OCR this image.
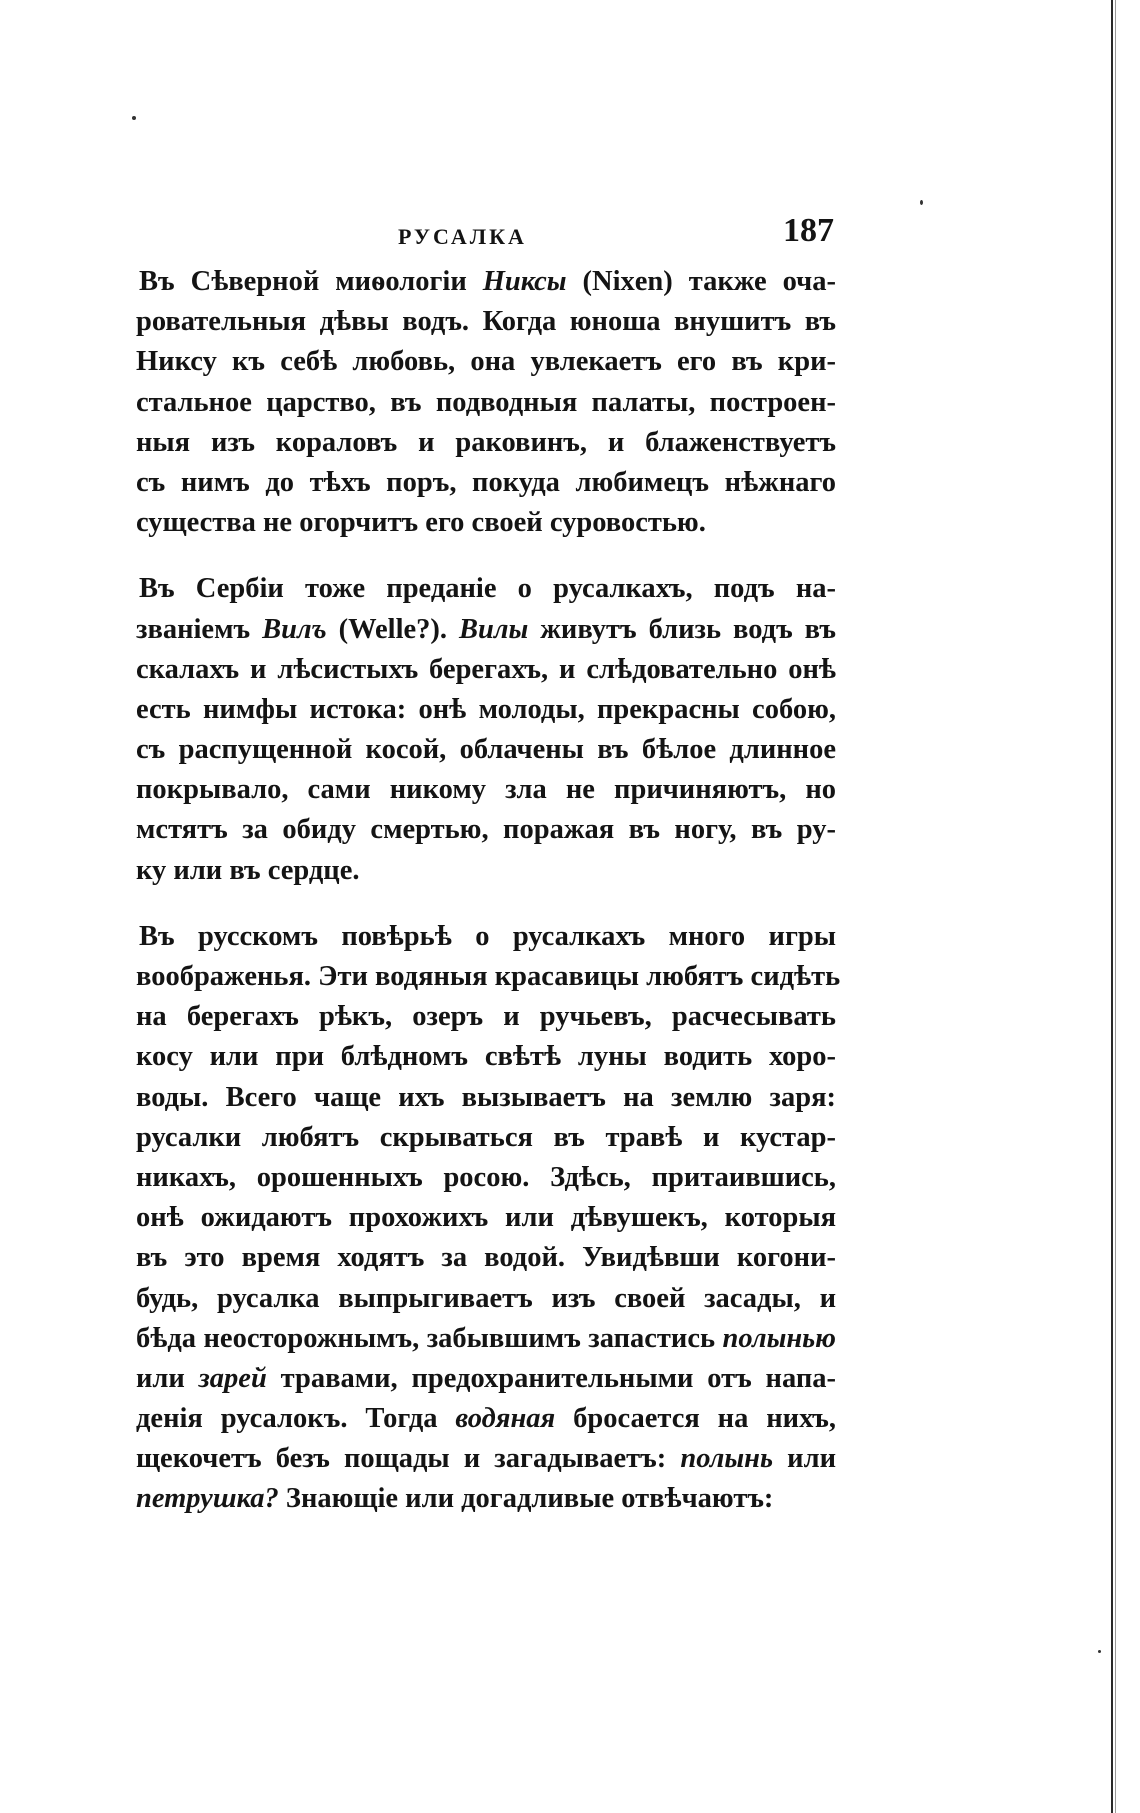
РУСАЛКА	187
Въ Сѣверной миѳологіи Никсы (Nixen) также оча-
ровательныя дѣвы водъ. Когда юноша внушитъ въ
Никсу къ себѣ любовь, она увлекаетъ его въ кри-
стальное царство, въ подводныя палаты, построен-
ныя изъ кораловъ и раковинъ, и блаженствуетъ
съ нимъ до тѣхъ поръ, покуда любимецъ нѣжнаго
существа не огорчитъ его своей суровостью.
Въ Сербіи тоже преданіе о русалкахъ, подъ на-
званіемъ Вилъ (Welle?). Вилы живутъ близь водъ въ
скалахъ и лѣсистыхъ берегахъ, и слѣдовательно онѣ
есть нимфы истока: онѣ молоды, прекрасны собою,
съ распущенной косой, облачены въ бѣлое длинное
покрывало, сами никому зла не причиняютъ, но
мстятъ за обиду смертью, поражая въ ногу, въ ру-
ку или въ сердце.
Въ русскомъ повѣрьѣ о русалкахъ много игры
воображенья. Эти водяныя красавицы любятъ сидѣть
на берегахъ рѣкъ, озеръ и ручьевъ, расчесывать
косу или при блѣдномъ свѣтѣ луны водить хоро-
воды. Всего чаще ихъ вызываетъ на землю заря:
русалки любятъ скрываться въ травѣ и кустар-
никахъ, орошенныхъ росою. Здѣсь, притаившись,
онѣ ожидаютъ прохожихъ или дѣвушекъ, которыя
въ это время ходятъ за водой. Увидѣвши когони-
будь, русалка выпрыгиваетъ изъ своей засады, и
бѣда неосторожнымъ, забывшимъ запастись полынью
или зарей травами, предохранительными отъ напа-
денія русалокъ. Тогда водяная бросается на нихъ,
щекочетъ безъ пощады и загадываетъ: полынь или
петрушка? Знающіе или догадливые отвѣчаютъ:
